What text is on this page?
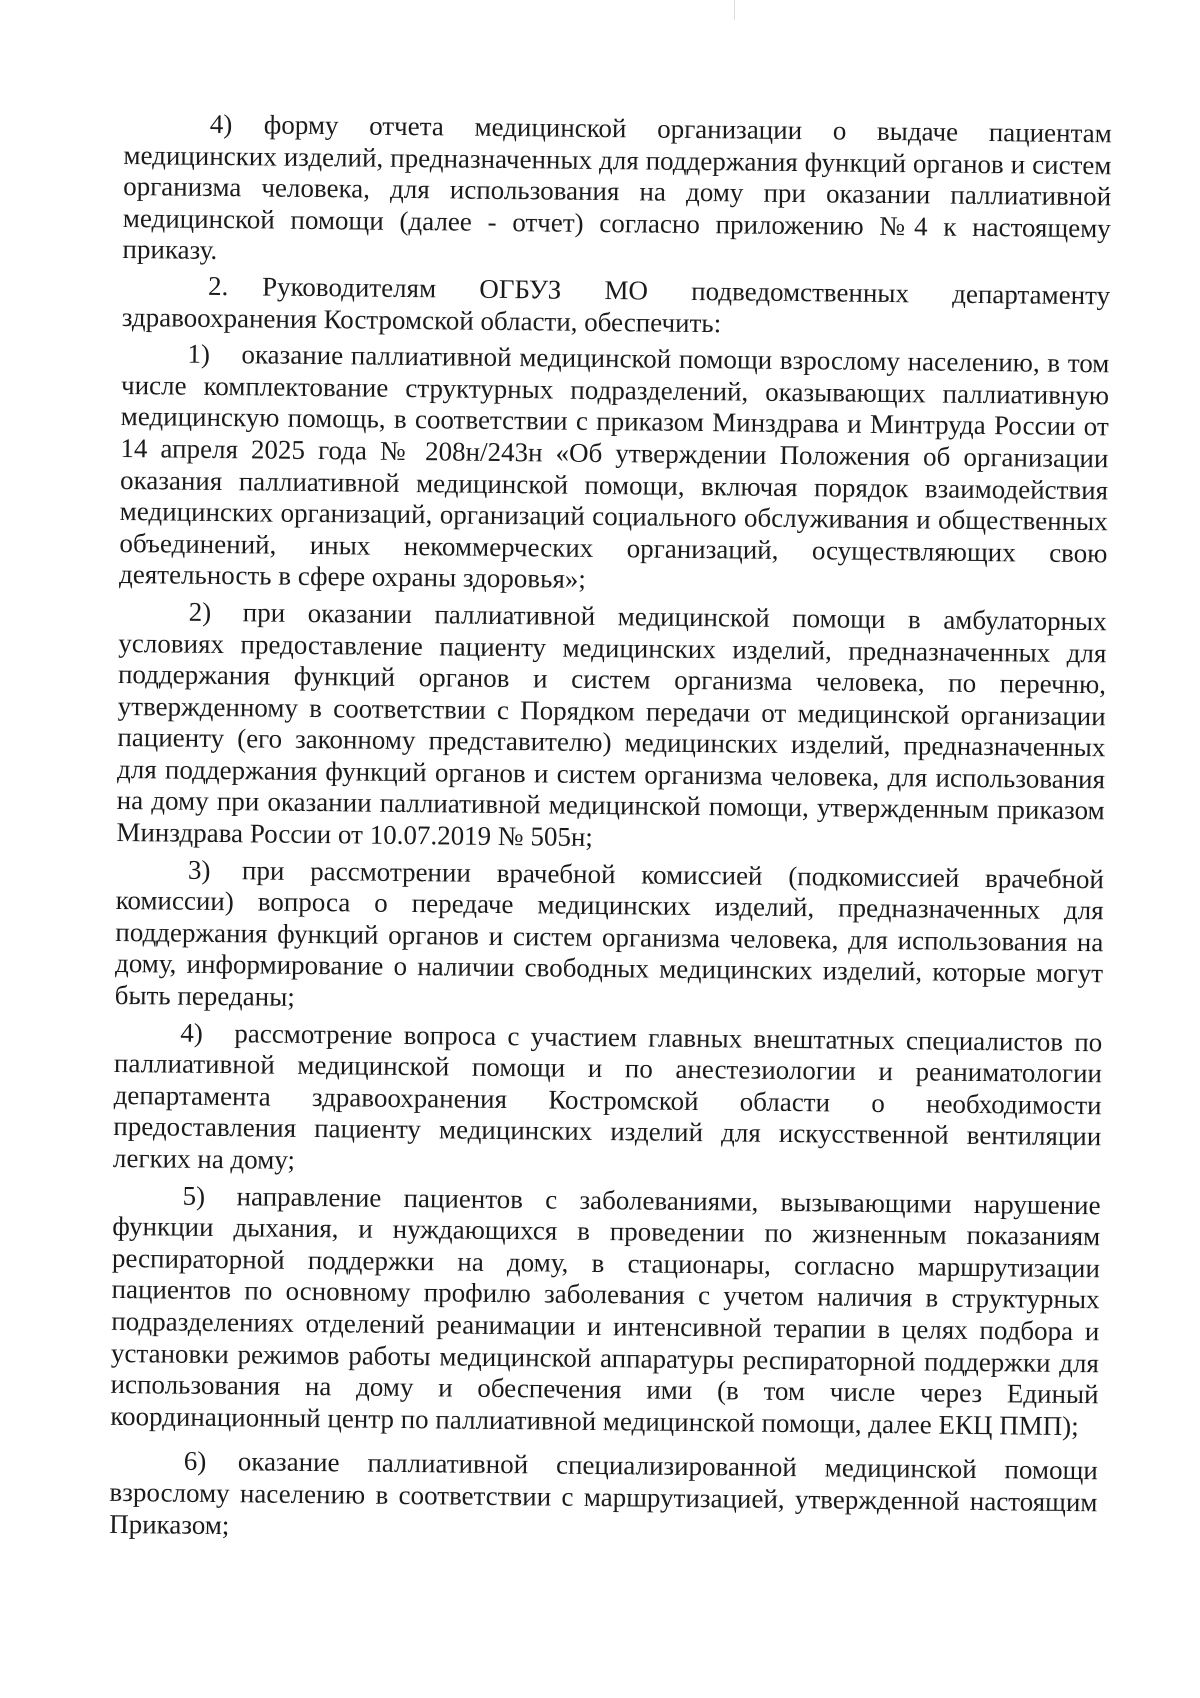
4) форму отчета медицинской организации о выдаче пациентам медицинских изделий, предназначенных для поддержания функций органов и систем организма человека, для использования на дому при оказании паллиативной медицинской помощи (далее - отчет) согласно приложению №4 к настоящему приказу.

2. Руководителям ОГБУЗ МО подведомственных департаменту здравоохранения Костромской области, обеспечить:

1) оказание паллиативной медицинской помощи взрослому населению, в том числе комплектование структурных подразделений, оказывающих паллиативную медицинскую помощь, в соответствии с приказом Минздрава и Минтруда России от 14 апреля 2025 года № 208н/243н «Об утверждении Положения об организации оказания паллиативной медицинской помощи, включая порядок взаимодействия медицинских организаций, организаций социального обслуживания и общественных объединений, иных некоммерческих организаций, осуществляющих свою деятельность в сфере охраны здоровья»;

2) при оказании паллиативной медицинской помощи в амбулаторных условиях предоставление пациенту медицинских изделий, предназначенных для поддержания функций органов и систем организма человека, по перечню, утвержденному в соответствии с Порядком передачи от медицинской организации пациенту (его законному представителю) медицинских изделий, предназначенных для поддержания функций органов и систем организма человека, для использования на дому при оказании паллиативной медицинской помощи, утвержденным приказом Минздрава России от 10.07.2019 № 505н;

3) при рассмотрении врачебной комиссией (подкомиссией врачебной комиссии) вопроса о передаче медицинских изделий, предназначенных для поддержания функций органов и систем организма человека, для использования на дому, информирование о наличии свободных медицинских изделий, которые могут быть переданы;

4) рассмотрение вопроса с участием главных внештатных специалистов по паллиативной медицинской помощи и по анестезиологии и реаниматологии департамента здравоохранения Костромской области о необходимости предоставления пациенту медицинских изделий для искусственной вентиляции легких на дому;

5) направление пациентов с заболеваниями, вызывающими нарушение функции дыхания, и нуждающихся в проведении по жизненным показаниям респираторной поддержки на дому, в стационары, согласно маршрутизации пациентов по основному профилю заболевания с учетом наличия в структурных подразделениях отделений реанимации и интенсивной терапии в целях подбора и установки режимов работы медицинской аппаратуры респираторной поддержки для использования на дому и обеспечения ими (в том числе через Единый координационный центр по паллиативной медицинской помощи, далее ЕКЦ ПМП);

6) оказание паллиативной специализированной медицинской помощи взрослому населению в соответствии с маршрутизацией, утвержденной настоящим Приказом;
